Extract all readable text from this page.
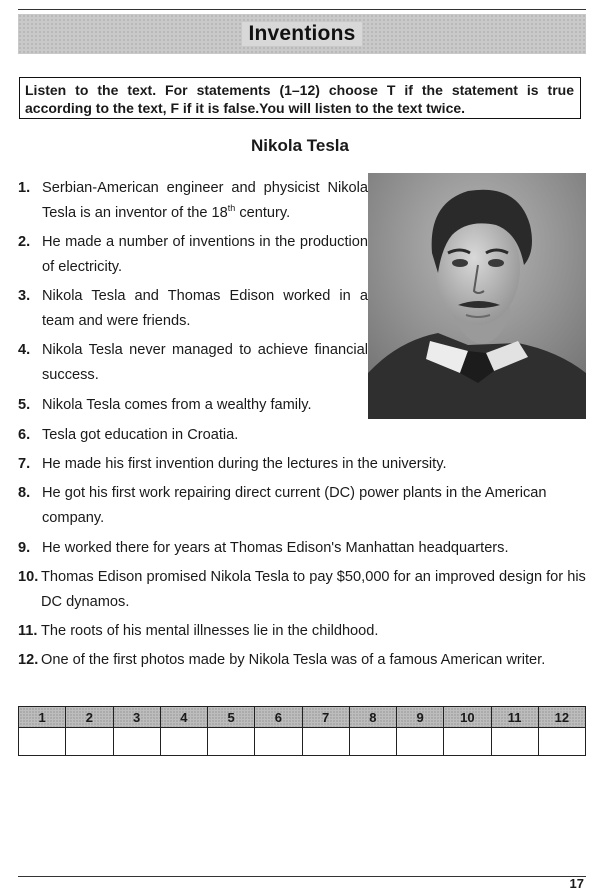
Inventions
Listen to the text. For statements (1–12) choose T if the statement is true according to the text, F if it is false.You will listen to the text twice.
Nikola Tesla
1. Serbian-American engineer and physicist Nikola Tesla is an inventor of the 18th century.
2. He made a number of inventions in the production of electricity.
3. Nikola Tesla and Thomas Edison worked in a team and were friends.
4. Nikola Tesla never managed to achieve financial success.
5. Nikola Tesla comes from a wealthy family.
6. Tesla got education in Croatia.
7. He made his first invention during the lectures in the university.
8. He got his first work repairing direct current (DC) power plants in the American company.
9. He worked there for years at Thomas Edison's Manhattan headquarters.
10. Thomas Edison promised Nikola Tesla to pay $50,000 for an improved design for his DC dynamos.
11. The roots of his mental illnesses lie in the childhood.
12. One of the first photos made by Nikola Tesla was of a famous American writer.
1	2	3	4	5	6	7	8	9	10	11	12

17
